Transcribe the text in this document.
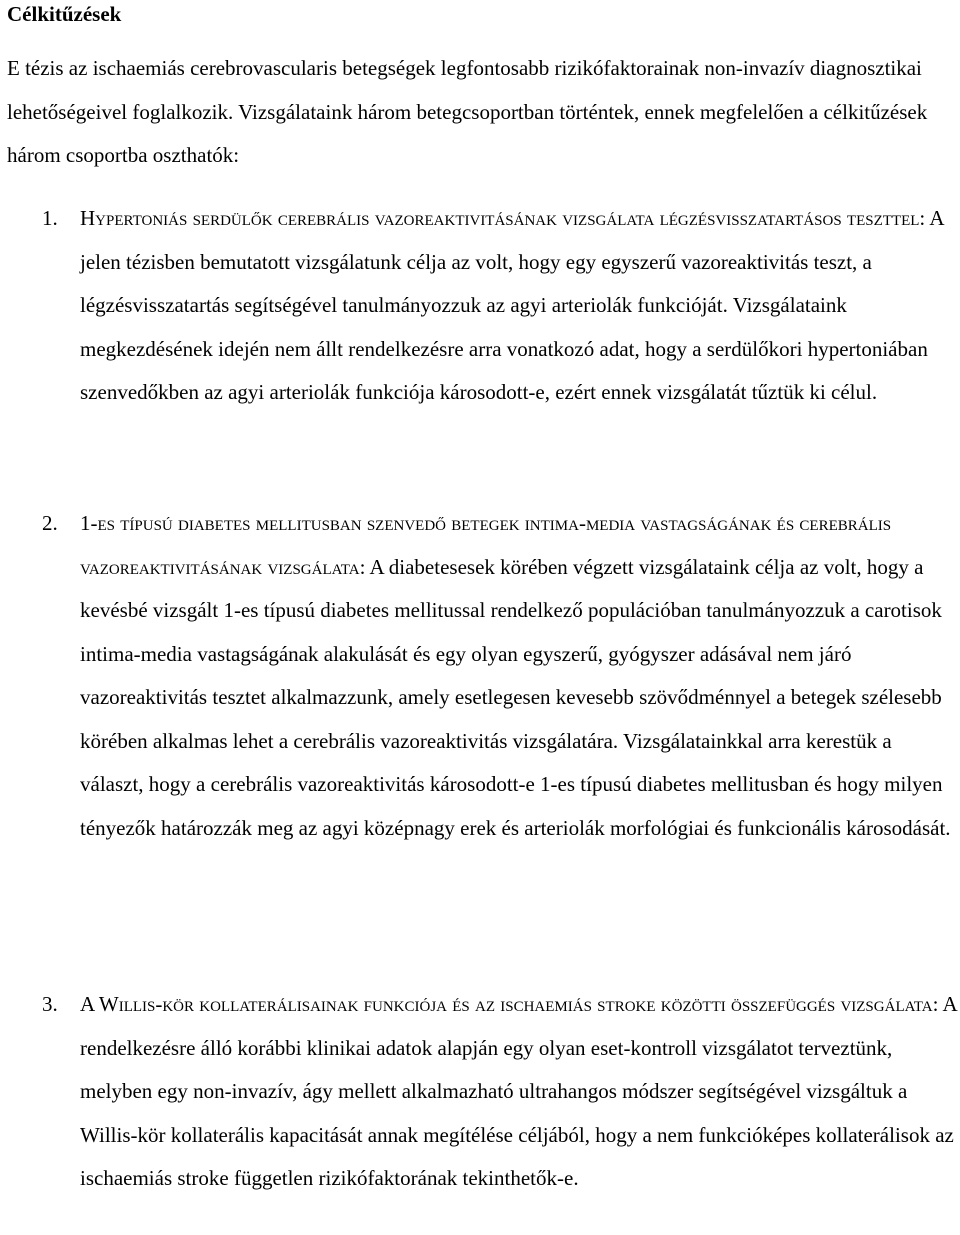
Célkitűzések

E tézis az ischaemiás cerebrovascularis betegségek legfontosabb rizikófaktorainak non-invazív diagnosztikai lehetőségeivel foglalkozik. Vizsgálataink három betegcsoportban történtek, ennek megfelelően a célkitűzések három csoportba oszthatók:

1. Hypertoniás serdülők cerebrális vazoreaktivitásának vizsgálata légzésvisszatartásos teszttel: A jelen tézisben bemutatott vizsgálatunk célja az volt, hogy egy egyszerű vazoreaktivitás teszt, a légzésvisszatartás segítségével tanulmányozzuk az agyi arteriolák funkcióját. Vizsgálataink megkezdésének idején nem állt rendelkezésre arra vonatkozó adat, hogy a serdülőkori hypertoniában szenvedőkben az agyi arteriolák funkciója károsodott-e, ezért ennek vizsgálatát tűztük ki célul.

2. 1-es típusú diabetes mellitusban szenvedő betegek intima-media vastagságának és cerebrális vazoreaktivitásának vizsgálata: A diabetesesek körében végzett vizsgálataink célja az volt, hogy a kevésbé vizsgált 1-es típusú diabetes mellitussal rendelkező populációban tanulmányozzuk a carotisok intima-media vastagságának alakulását és egy olyan egyszerű, gyógyszer adásával nem járó vazoreaktivitás tesztet alkalmazzunk, amely esetlegesen kevesebb szövődménnyel a betegek szélesebb körében alkalmas lehet a cerebrális vazoreaktivitás vizsgálatára. Vizsgálatainkkal arra kerestük a választ, hogy a cerebrális vazoreaktivitás károsodott-e 1-es típusú diabetes mellitusban és hogy milyen tényezők határozzák meg az agyi középnagy erek és arteriolák morfológiai és funkcionális károsodását.

3. A Willis-kör kollaterálisainak funkciója és az ischaemiás stroke közötti összefüggés vizsgálata: A rendelkezésre álló korábbi klinikai adatok alapján egy olyan eset-kontroll vizsgálatot terveztünk, melyben egy non-invazív, ágy mellett alkalmazható ultrahangos módszer segítségével vizsgáltuk a Willis-kör kollaterális kapacitását annak megítélése céljából, hogy a nem funkcióképes kollaterálisok az ischaemiás stroke független rizikófaktorának tekinthetők-e.
